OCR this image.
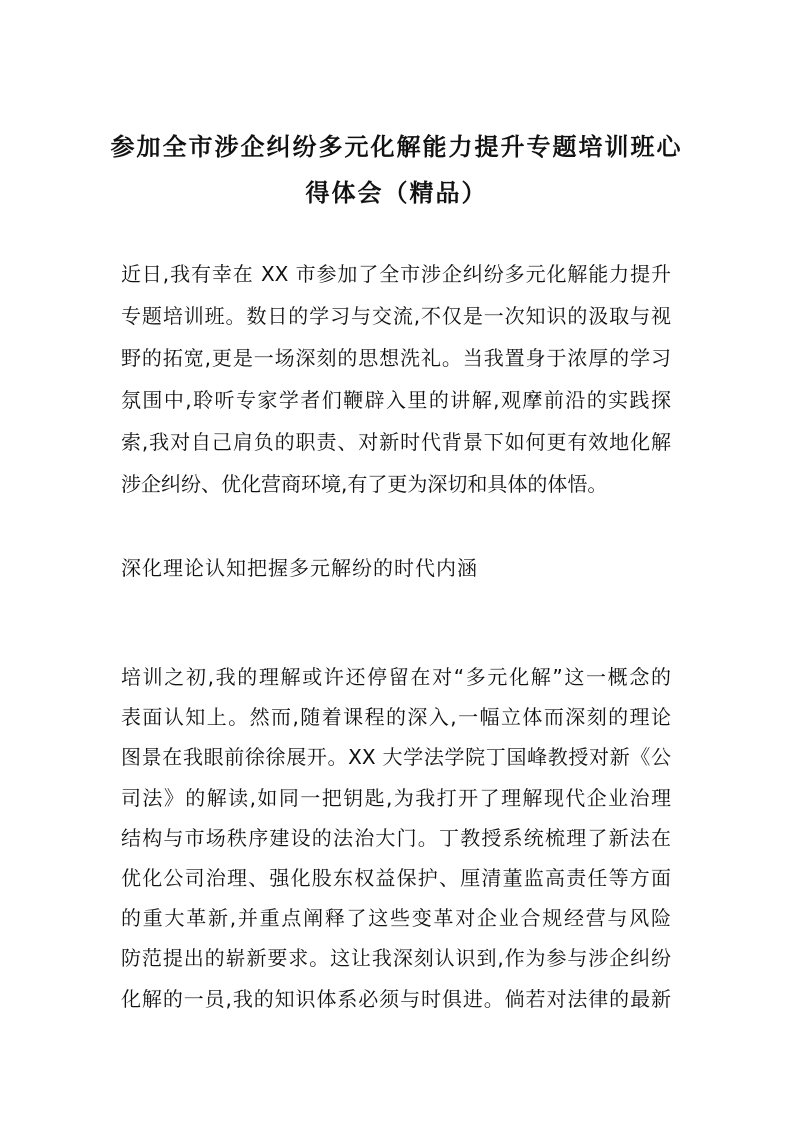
参加全市涉企纠纷多元化解能力提升专题培训班心
得体会（精品）
近日,我有幸在 XX 市参加了全市涉企纠纷多元化解能力提升
专题培训班。数日的学习与交流,不仅是一次知识的汲取与视
野的拓宽,更是一场深刻的思想洗礼。当我置身于浓厚的学习
氛围中,聆听专家学者们鞭辟入里的讲解,观摩前沿的实践探
索,我对自己肩负的职责、对新时代背景下如何更有效地化解
涉企纠纷、优化营商环境,有了更为深切和具体的体悟。
深化理论认知把握多元解纷的时代内涵
培训之初,我的理解或许还停留在对“多元化解”这一概念的
表面认知上。然而,随着课程的深入,一幅立体而深刻的理论
图景在我眼前徐徐展开。XX 大学法学院丁国峰教授对新《公
司法》的解读,如同一把钥匙,为我打开了理解现代企业治理
结构与市场秩序建设的法治大门。丁教授系统梳理了新法在
优化公司治理、强化股东权益保护、厘清董监高责任等方面
的重大革新,并重点阐释了这些变革对企业合规经营与风险
防范提出的崭新要求。这让我深刻认识到,作为参与涉企纠纷
化解的一员,我的知识体系必须与时俱进。倘若对法律的最新
